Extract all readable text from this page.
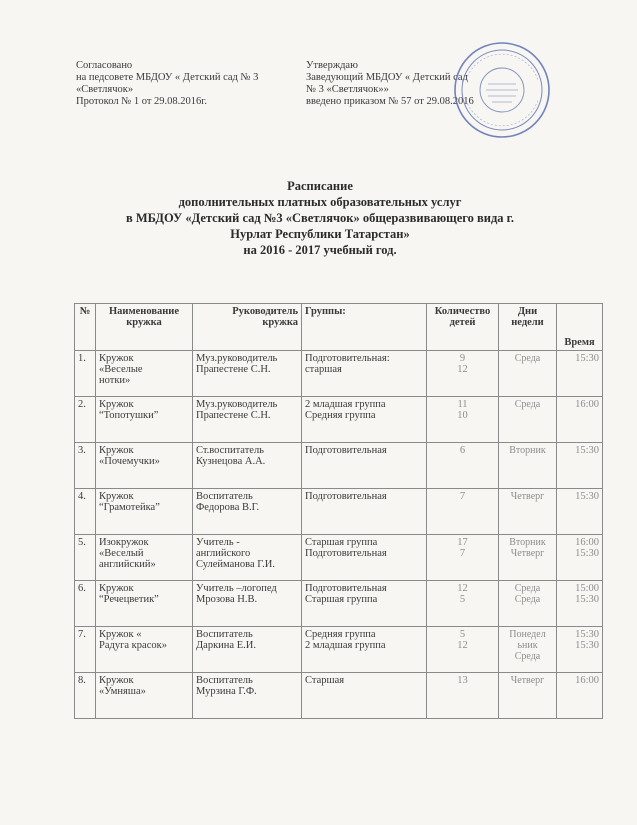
Согласовано
на педсовете МБДОУ « Детский сад № 3
«Светлячок»
Протокол № 1 от 29.08.2016г.
Утверждаю
Заведующий МБДОУ « Детский сад
№ 3 «Светлячок»»
введено приказом № 57 от 29.08.2016
Расписание
дополнительных платных образовательных услуг
в МБДОУ «Детский сад №3 «Светлячок» общеразвивающего вида г.
Нурлат Республики Татарстан»
на 2016 - 2017 учебный год.
№	Наименование кружка	Руководитель кружка	Группы:	Количество детей	Дни недели	Время

1.	Кружок
«Веселые
нотки»	Муз.руководитель
Прапестене С.Н.	Подготовительная:
старшая	9
12	Среда	15:30

2.	Кружок
“Топотушки”	Муз.руководитель
Прапестене С.Н.	2 младшая группа
Средняя группа	11
10	Среда	16:00

3.	Кружок
«Почемучки»	Ст.воспитатель
Кузнецова А.А.	Подготовительная	6	Вторник	15:30

4.	Кружок
“Грамотейка”	Воспитатель
Федорова В.Г.	Подготовительная	7	Четверг	15:30

5.	Изокружок
«Веселый
английский»	Учитель -
английского
Сулейманова Г.И.	Старшая группа
Подготовительная	17
7	Вторник
Четверг	16:00
15:30

6.	Кружок
“Речецветик”	Учитель –логопед
Мрозова Н.В.	Подготовительная
Старшая группа	12
5	Среда
Среда	15:00
15:30

7.	Кружок «
Радуга красок»	Воспитатель
Даркина Е.И.	Средняя группа
2 младшая группа	5
12	Понедел
ьник
Среда	15:30
15:30

8.	Кружок
«Умняша»	Воспитатель
Мурзина Г.Ф.	Старшая	13	Четверг	16:00
